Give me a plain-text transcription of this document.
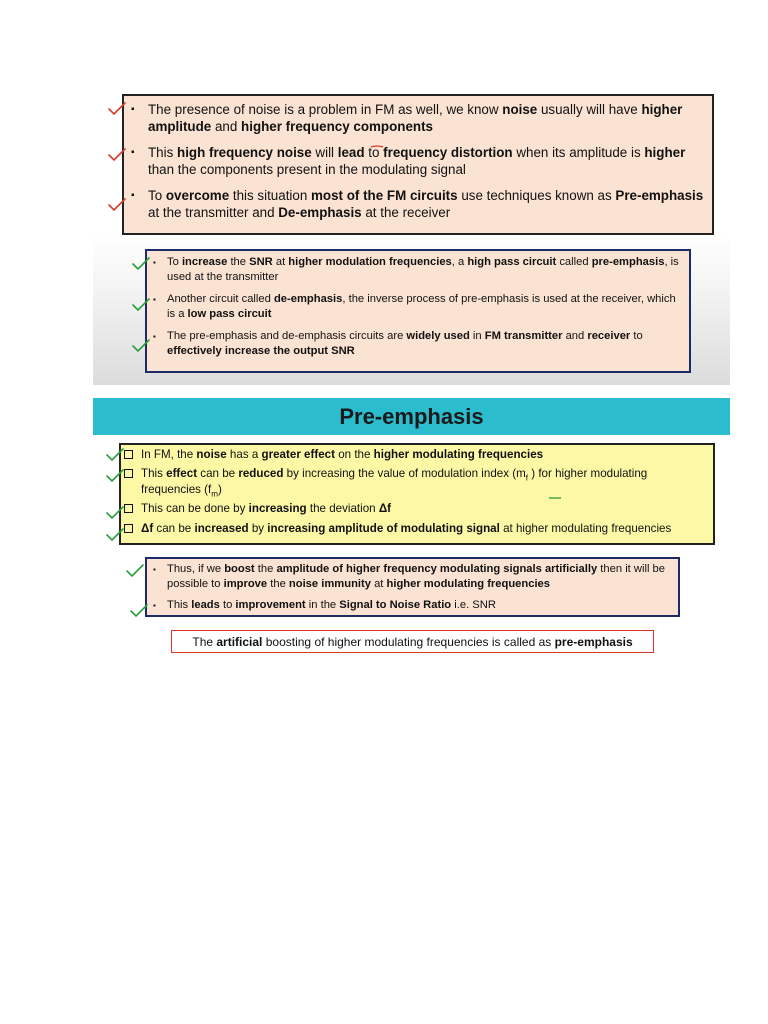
▪ The presence of noise is a problem in FM as well, we know noise usually will have higher amplitude and higher frequency components
▪ This high frequency noise will lead to frequency distortion when its amplitude is higher than the components present in the modulating signal
▪ To overcome this situation most of the FM circuits use techniques known as Pre-emphasis at the transmitter and De-emphasis at the receiver
▪ To increase the SNR at higher modulation frequencies, a high pass circuit called pre-emphasis, is used at the transmitter
▪ Another circuit called de-emphasis, the inverse process of pre-emphasis is used at the receiver, which is a low pass circuit
▪ The pre-emphasis and de-emphasis circuits are widely used in FM transmitter and receiver to effectively increase the output SNR
Pre-emphasis
In FM, the noise has a greater effect on the higher modulating frequencies
This effect can be reduced by increasing the value of modulation index ($m_f$ ) for higher modulating frequencies $(f_m)$
This can be done by increasing the deviation Δf
Δf can be increased by increasing amplitude of modulating signal at higher modulating frequencies
▪ Thus, if we boost the amplitude of higher frequency modulating signals artificially then it will be possible to improve the noise immunity at higher modulating frequencies
▪ This leads to improvement in the Signal to Noise Ratio i.e. SNR
The artificial boosting of higher modulating frequencies is called as pre-emphasis
